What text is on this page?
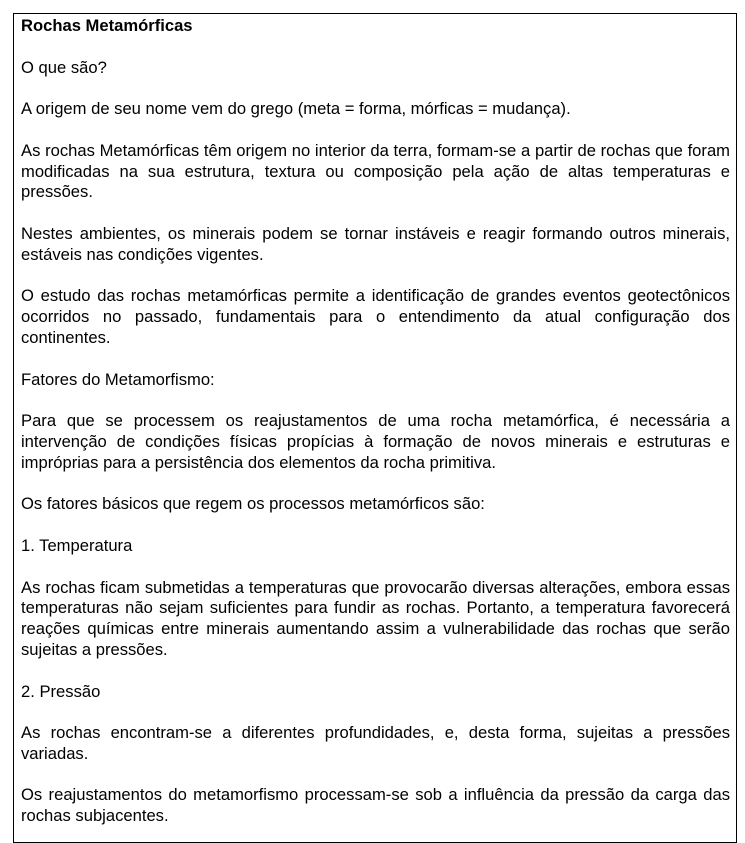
Rochas Metamórficas

O que são?

A origem de seu nome vem do grego (meta = forma, mórficas = mudança).

As rochas Metamórficas têm origem no interior da terra, formam-se a partir de rochas que foram modificadas na sua estrutura, textura ou composição pela ação de altas temperaturas e pressões.

Nestes ambientes, os minerais podem se tornar instáveis e reagir formando outros minerais, estáveis nas condições vigentes.

O estudo das rochas metamórficas permite a identificação de grandes eventos geotectônicos ocorridos no passado, fundamentais para o entendimento da atual configuração dos continentes.

Fatores do Metamorfismo:

Para que se processem os reajustamentos de uma rocha metamórfica, é necessária a intervenção de condições físicas propícias à formação de novos minerais e estruturas e impróprias para a persistência dos elementos da rocha primitiva.

Os fatores básicos que regem os processos metamórficos são:

1. Temperatura

As rochas ficam submetidas a temperaturas que provocarão diversas alterações, embora essas temperaturas não sejam suficientes para fundir as rochas. Portanto, a temperatura favorecerá reações químicas entre minerais aumentando assim a vulnerabilidade das rochas que serão sujeitas a pressões.

2. Pressão

As rochas encontram-se a diferentes profundidades, e, desta forma, sujeitas a pressões variadas.

Os reajustamentos do metamorfismo processam-se sob a influência da pressão da carga das rochas subjacentes.
